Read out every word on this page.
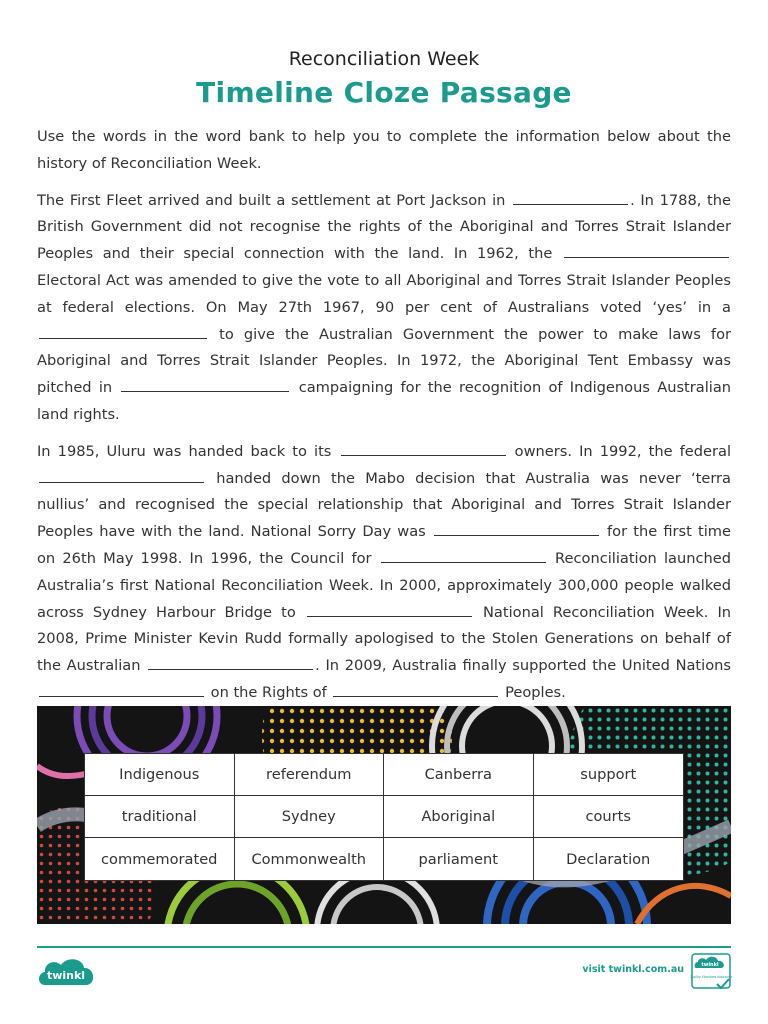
Reconciliation Week
Timeline Cloze Passage

Use the words in the word bank to help you to complete the information below about the history of Reconciliation Week.

The First Fleet arrived and built a settlement at Port Jackson in	. In 1788, the British Government did not recognise the rights of the Aboriginal and Torres Strait Islander Peoples and their special connection with the land. In 1962, the  Electoral Act was amended to give the vote to all Aboriginal and Torres Strait Islander Peoples at federal elections. On May 27th 1967, 90 per cent of Australians voted ‘yes’ in a  to give the Australian Government the power to make laws for Aboriginal and Torres Strait Islander Peoples. In 1972, the Aboriginal Tent Embassy was pitched in	campaigning for the recognition of Indigenous Australian land rights.

In 1985, Uluru was handed back to its	owners. In 1992, the federal  handed down the Mabo decision that Australia was never ‘terra nullius’ and recognised the special relationship that Aboriginal and Torres Strait Islander Peoples have with the land. National Sorry Day was	for the first time on 26th May 1998. In 1996, the Council for	Reconciliation launched Australia’s first National Reconciliation Week. In 2000, approximately 300,000 people walked across Sydney Harbour Bridge to	National Reconciliation Week. In 2008, Prime Minister Kevin Rudd formally apologised to the Stolen Generations on behalf of the Australian	. In 2009, Australia finally supported the United Nations  on the Rights of	Peoples.

Indigenous	referendum	Canberra	support
traditional	Sydney	Aboriginal	courts
commemorated	Commonwealth	parliament	Declaration
twinkl	visit twinkl.com.au	twinkl
Quality Standard Approved
